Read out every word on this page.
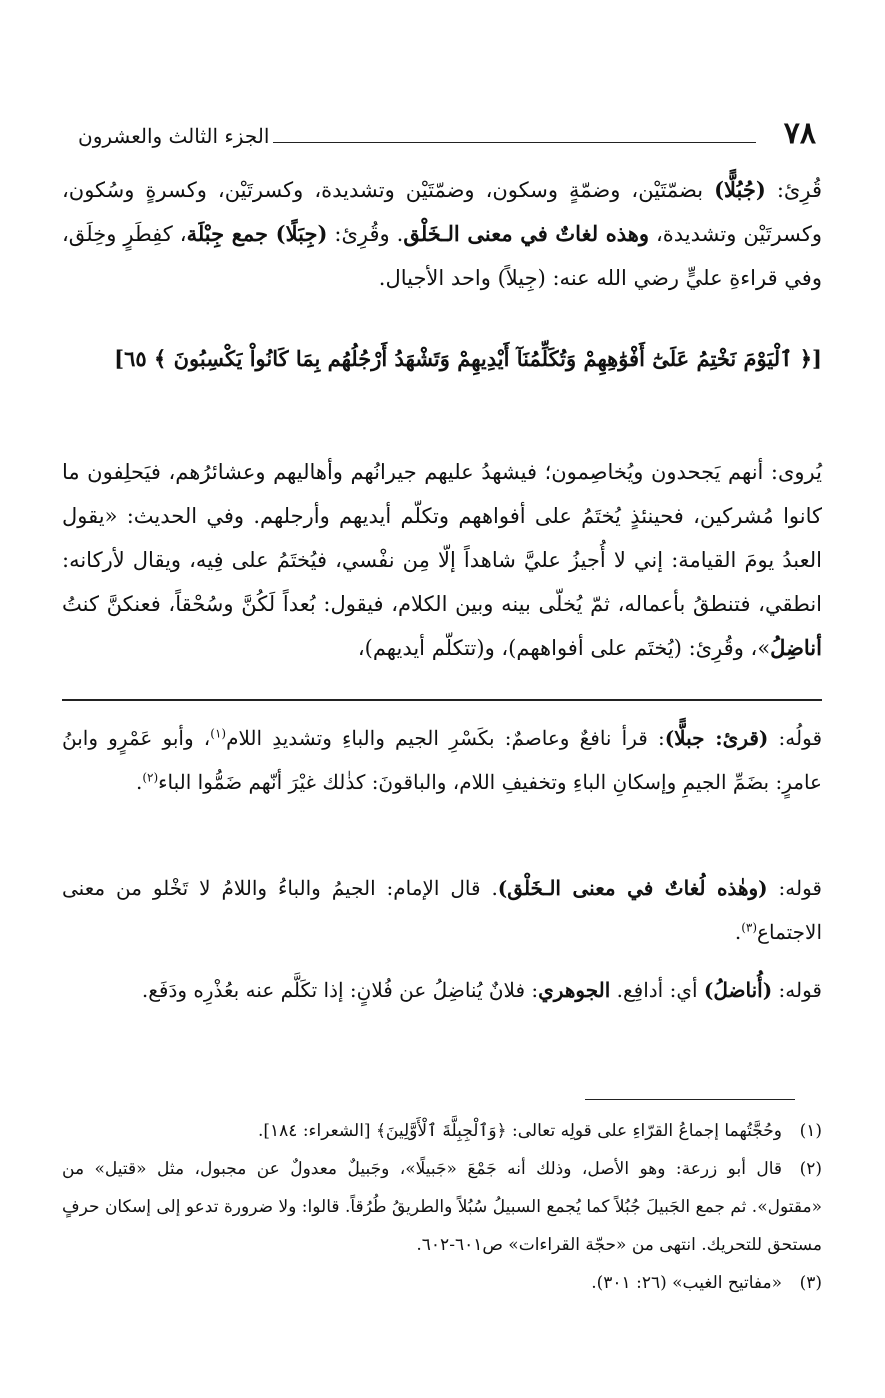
٧٨
الجزء الثالث والعشرون

قُرِئ: (جُبُلًّا) بضمّتَيْن، وضمّةٍ وسكون، وضمّتَيْن وتشديدة، وكسرتَيْن، وكسرةٍ وسُكون، وكسرتَيْن وتشديدة، وهذه لغاتٌ في معنى الـخَلْق. وقُرِئ: (جِبَلًا) جمع جِبْلَة، كفِطَرٍ وخِلَق، وفي قراءةِ عليٍّ رضي الله عنه: (جِيلاً) واحد الأجيال.

[﴿ ٱلْيَوْمَ نَخْتِمُ عَلَىٰٓ أَفْوَٰهِهِمْ وَتُكَلِّمُنَآ أَيْدِيهِمْ وَتَشْهَدُ أَرْجُلُهُم بِمَا كَانُواْ يَكْسِبُونَ ﴾ ٦٥]

يُروى: أنهم يَجحدون ويُخاصِمون؛ فيشهدُ عليهم جيرانُهم وأهاليهم وعشائرُهم، فيَحلِفون ما كانوا مُشركين، فحينئذٍ يُختَمُ على أفواههم وتكلّم أيديهم وأرجلهم. وفي الحديث: «يقول العبدُ يومَ القيامة: إني لا أُجيزُ عليَّ شاهداً إلّا مِن نفْسي، فيُختَمُ على فِيه، ويقال لأركانه: انطقي، فتنطقُ بأعماله، ثمّ يُخلّى بينه وبين الكلام، فيقول: بُعداً لَكُنَّ وسُحْقاً، فعنكنَّ كنتُ أناضِلُ»، وقُرِئ: (يُختَم على أفواههم)، و(تتكلّم أيديهم)،

قولُه: (قرئ: جبلًّا): قرأ نافعٌ وعاصمٌ: بكَسْرِ الجيم والباءِ وتشديدِ اللام$^{(١)}$، وأبو عَمْرٍو وابنُ عامرٍ: بضَمِّ الجيمِ وإسكانِ الباءِ وتخفيفِ اللام، والباقونَ: كذٰلك غيْرَ أنّهم ضَمُّوا الباء$^{(٢)}$.

قوله: (وهٰذه لُغاتٌ في معنى الـخَلْق). قال الإمام: الجيمُ والباءُ واللامُ لا تَخْلو من معنى الاجتماع$^{(٣)}$.

قوله: (أُناضلُ) أي: أدافِع. الجوهري: فلانٌ يُناضِلُ عن فُلانٍ: إذا تكَلَّم عنه بعُذْرِه ودَفَع.

(١)وحُجَّتُهما إجماعُ القرّاءِ على قولِه تعالى: ﴿وَٱلْجِبِلَّةَ ٱلْأَوَّلِينَ﴾ [الشعراء: ١٨٤].

(٢)قال أبو زرعة: وهو الأصل، وذلك أنه جَمْعَ «جَبيلًا»، وجَبيلٌ معدولٌ عن مجبول، مثل «قتيل» من «مقتول». ثم جمع الجَبيلَ جُبُلاً كما يُجمع السبيلُ سُبُلاً والطريقُ طُرُقاً. قالوا: ولا ضرورة تدعو إلى إسكان حرفٍ مستحق للتحريك. انتهى من «حجّة القراءات» ص٦٠١-٦٠٢.

(٣)«مفاتيح الغيب» (٢٦: ٣٠١).
